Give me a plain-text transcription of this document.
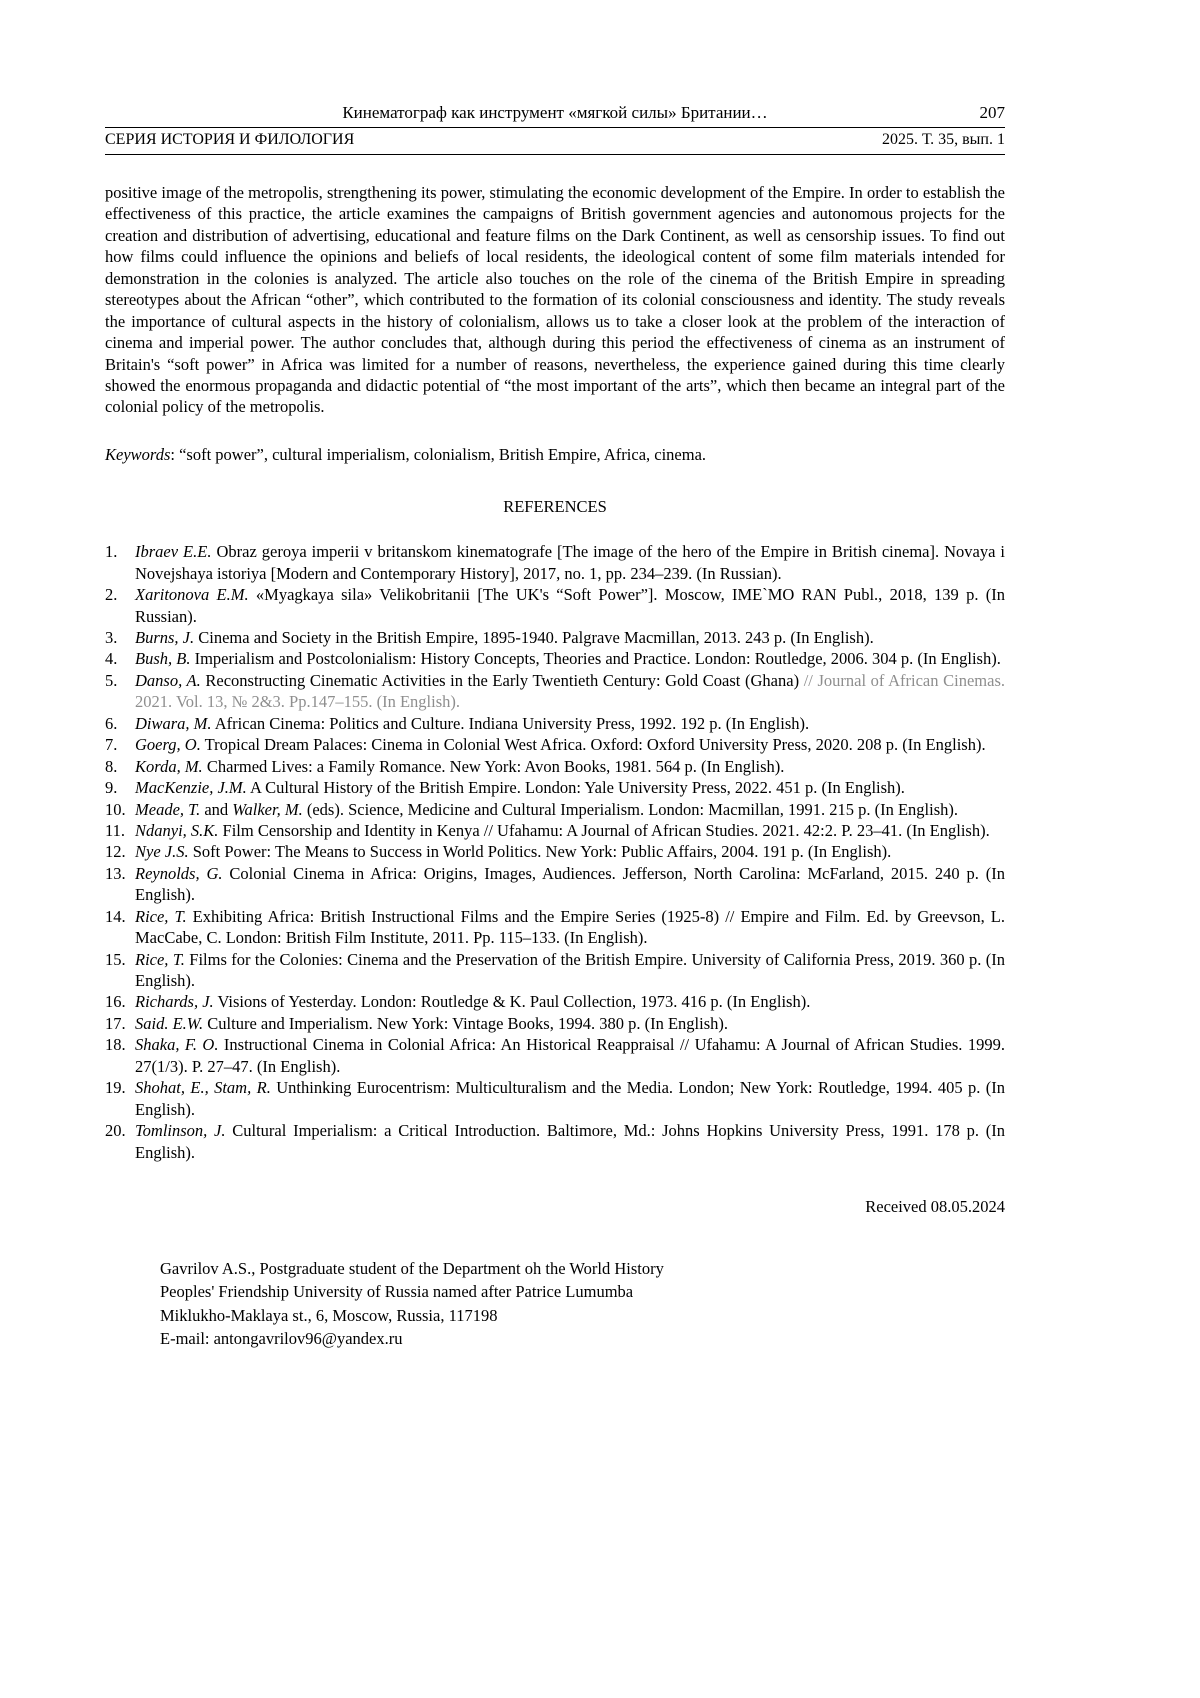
Кинематограф как инструмент «мягкой силы» Британии…	207
СЕРИЯ ИСТОРИЯ И ФИЛОЛОГИЯ	2025. Т. 35, вып. 1

positive image of the metropolis, strengthening its power, stimulating the economic development of the Empire. In order to establish the effectiveness of this practice, the article examines the campaigns of British government agencies and autonomous projects for the creation and distribution of advertising, educational and feature films on the Dark Continent, as well as censorship issues. To find out how films could influence the opinions and beliefs of local residents, the ideological content of some film materials intended for demonstration in the colonies is analyzed. The article also touches on the role of the cinema of the British Empire in spreading stereotypes about the African “other”, which contributed to the formation of its colonial consciousness and identity. The study reveals the importance of cultural aspects in the history of colonialism, allows us to take a closer look at the problem of the interaction of cinema and imperial power. The author concludes that, although during this period the effectiveness of cinema as an instrument of Britain's “soft power” in Africa was limited for a number of reasons, nevertheless, the experience gained during this time clearly showed the enormous propaganda and didactic potential of “the most important of the arts”, which then became an integral part of the colonial policy of the metropolis.

Keywords: “soft power”, cultural imperialism, colonialism, British Empire, Africa, cinema.

REFERENCES
1. Ibraev E.E. Obraz geroya imperii v britanskom kinematografe [The image of the hero of the Empire in British cinema]. Novaya i Novejshaya istoriya [Modern and Contemporary History], 2017, no. 1, pp. 234–239. (In Russian).
2. Xaritonova E.M. «Myagkaya sila» Velikobritanii [The UK's “Soft Power”]. Moscow, IME`MO RAN Publ., 2018, 139 p. (In Russian).
3. Burns, J. Cinema and Society in the British Empire, 1895-1940. Palgrave Macmillan, 2013. 243 p. (In English).
4. Bush, B. Imperialism and Postcolonialism: History Concepts, Theories and Practice. London: Routledge, 2006. 304 p. (In English).
5. Danso, A. Reconstructing Cinematic Activities in the Early Twentieth Century: Gold Coast (Ghana) // Journal of African Cinemas. 2021. Vol. 13, № 2&3. Pp.147–155. (In English).
6. Diwara, M. African Cinema: Politics and Culture. Indiana University Press, 1992. 192 p. (In English).
7. Goerg, O. Tropical Dream Palaces: Cinema in Colonial West Africa. Oxford: Oxford University Press, 2020. 208 p. (In English).
8. Korda, M. Charmed Lives: a Family Romance. New York: Avon Books, 1981. 564 p. (In English).
9. MacKenzie, J.M. A Cultural History of the British Empire. London: Yale University Press, 2022. 451 p. (In English).
10. Meade, T. and Walker, M. (eds). Science, Medicine and Cultural Imperialism. London: Macmillan, 1991. 215 p. (In English).
11. Ndanyi, S.K. Film Censorship and Identity in Kenya // Ufahamu: A Journal of African Studies. 2021. 42:2. P. 23–41. (In English).
12. Nye J.S. Soft Power: The Means to Success in World Politics. New York: Public Affairs, 2004. 191 p. (In English).
13. Reynolds, G. Colonial Cinema in Africa: Origins, Images, Audiences. Jefferson, North Carolina: McFarland, 2015. 240 p. (In English).
14. Rice, T. Exhibiting Africa: British Instructional Films and the Empire Series (1925-8) // Empire and Film. Ed. by Greevson, L. MacCabe, C. London: British Film Institute, 2011. Pp. 115–133. (In English).
15. Rice, T. Films for the Colonies: Cinema and the Preservation of the British Empire. University of California Press, 2019. 360 p. (In English).
16. Richards, J. Visions of Yesterday. London: Routledge & K. Paul Collection, 1973. 416 p. (In English).
17. Said. E.W. Culture and Imperialism. New York: Vintage Books, 1994. 380 p. (In English).
18. Shaka, F. O. Instructional Cinema in Colonial Africa: An Historical Reappraisal // Ufahamu: A Journal of African Studies. 1999. 27(1/3). P. 27–47. (In English).
19. Shohat, E., Stam, R. Unthinking Eurocentrism: Multiculturalism and the Media. London; New York: Routledge, 1994. 405 p. (In English).
20. Tomlinson, J. Cultural Imperialism: a Critical Introduction. Baltimore, Md.: Johns Hopkins University Press, 1991. 178 p. (In English).
Received 08.05.2024
Gavrilov A.S., Postgraduate student of the Department oh the World History
Peoples' Friendship University of Russia named after Patrice Lumumba
Miklukho-Maklaya st., 6, Moscow, Russia, 117198
E-mail: antongavrilov96@yandex.ru
